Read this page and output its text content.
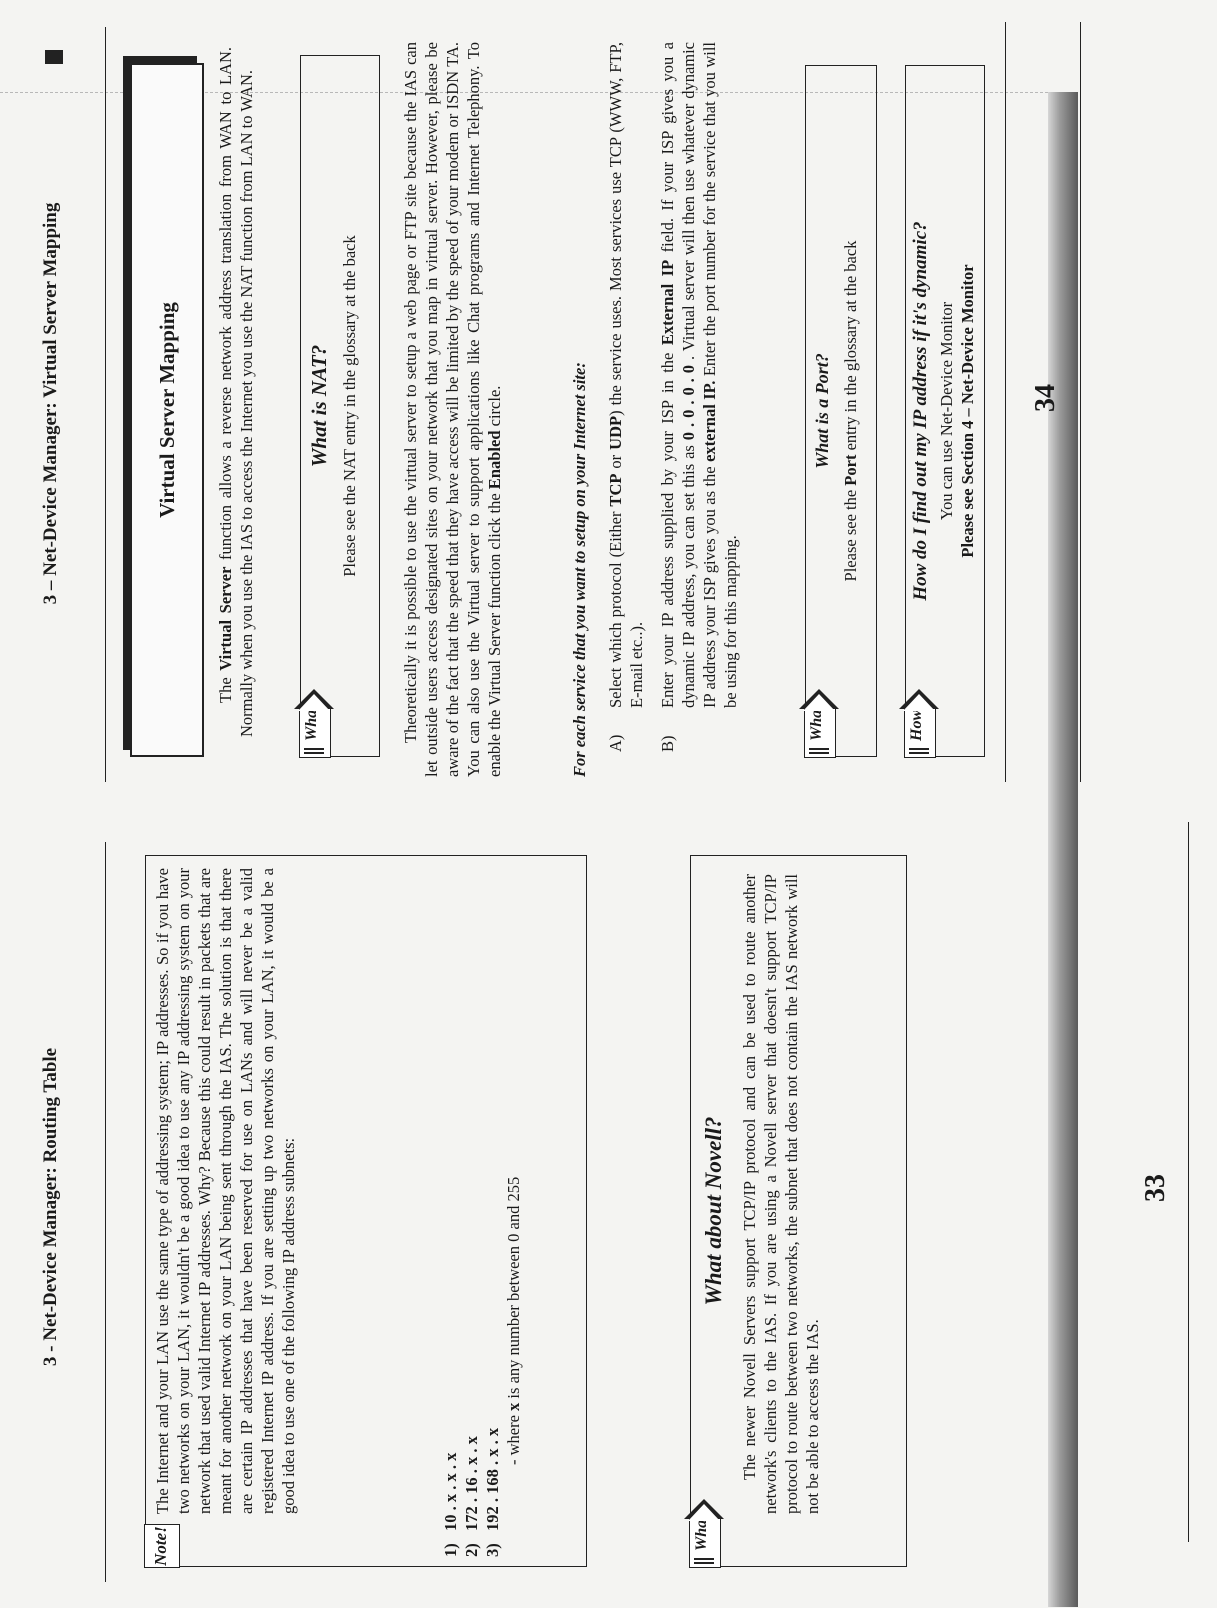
3 - Net-Device Manager: Routing Table
Note!

The Internet and your LAN use the same type of addressing system; IP addresses. So if you have two networks on your LAN, it wouldn't be a good idea to use any IP addressing system on your network that used valid Internet IP addresses. Why? Because this could result in packets that are meant for another network on your LAN being sent through the IAS. The solution is that there are certain IP addresses that have been reserved for use on LANs and will never be a valid registered Internet IP address. If you are setting up two networks on your LAN, it would be a good idea to use one of the following IP address subnets:

1)
10 . x . x . x
2)
172 . 16 . x . x
3)
192 . 168 . x . x - where

x

is any number between 0 and 255
What?
What about Novell? The newer Novell Servers support TCP/IP protocol and can be used to route another network's clients to the IAS. If you are using a Novell server that doesn't support TCP/IP protocol to route between two networks, the subnet that does not contain the IAS network will not be able to access the IAS.

33
3 – Net-Device Manager: Virtual Server Mapping	Virtual Server Mapping

The Virtual Server function allows a reverse network address translation from WAN to LAN. Normally when you use the IAS to access the Internet you use the NAT function from LAN to WAN.	What?
What is NAT? Please see the NAT entry in the glossary at the back	Theoretically it is possible to use the virtual server to setup a web page or FTP site because the IAS can let outside users access designated sites on your network that you map in virtual server. However, please be aware of the fact that the speed that they have access will be limited by the speed of your modem or ISDN TA. You can also use the Virtual server to support applications like Chat programs and Internet Telephony. To enable the Virtual Server function click the Enabled circle.	For each service that you want to setup on your Internet site: A)
Select which protocol (Either TCP or UDP) the service uses. Most services use TCP (WWW, FTP, E-mail etc..).
B)
Enter your IP address supplied by your ISP in the External IP field. If your ISP gives you a dynamic IP address, you can set this as 0 . 0 . 0 . 0 . Virtual server will then use whatever dynamic IP address your ISP gives you as the external IP. Enter the port number for the service that you will be using for this mapping.
What?
What is a Port?
Please see the Port entry in the glossary at the back
How?
How do I find out my IP address if it's dynamic? You can use Net-Device Monitor Please see Section 4 – Net-Device Monitor 34
